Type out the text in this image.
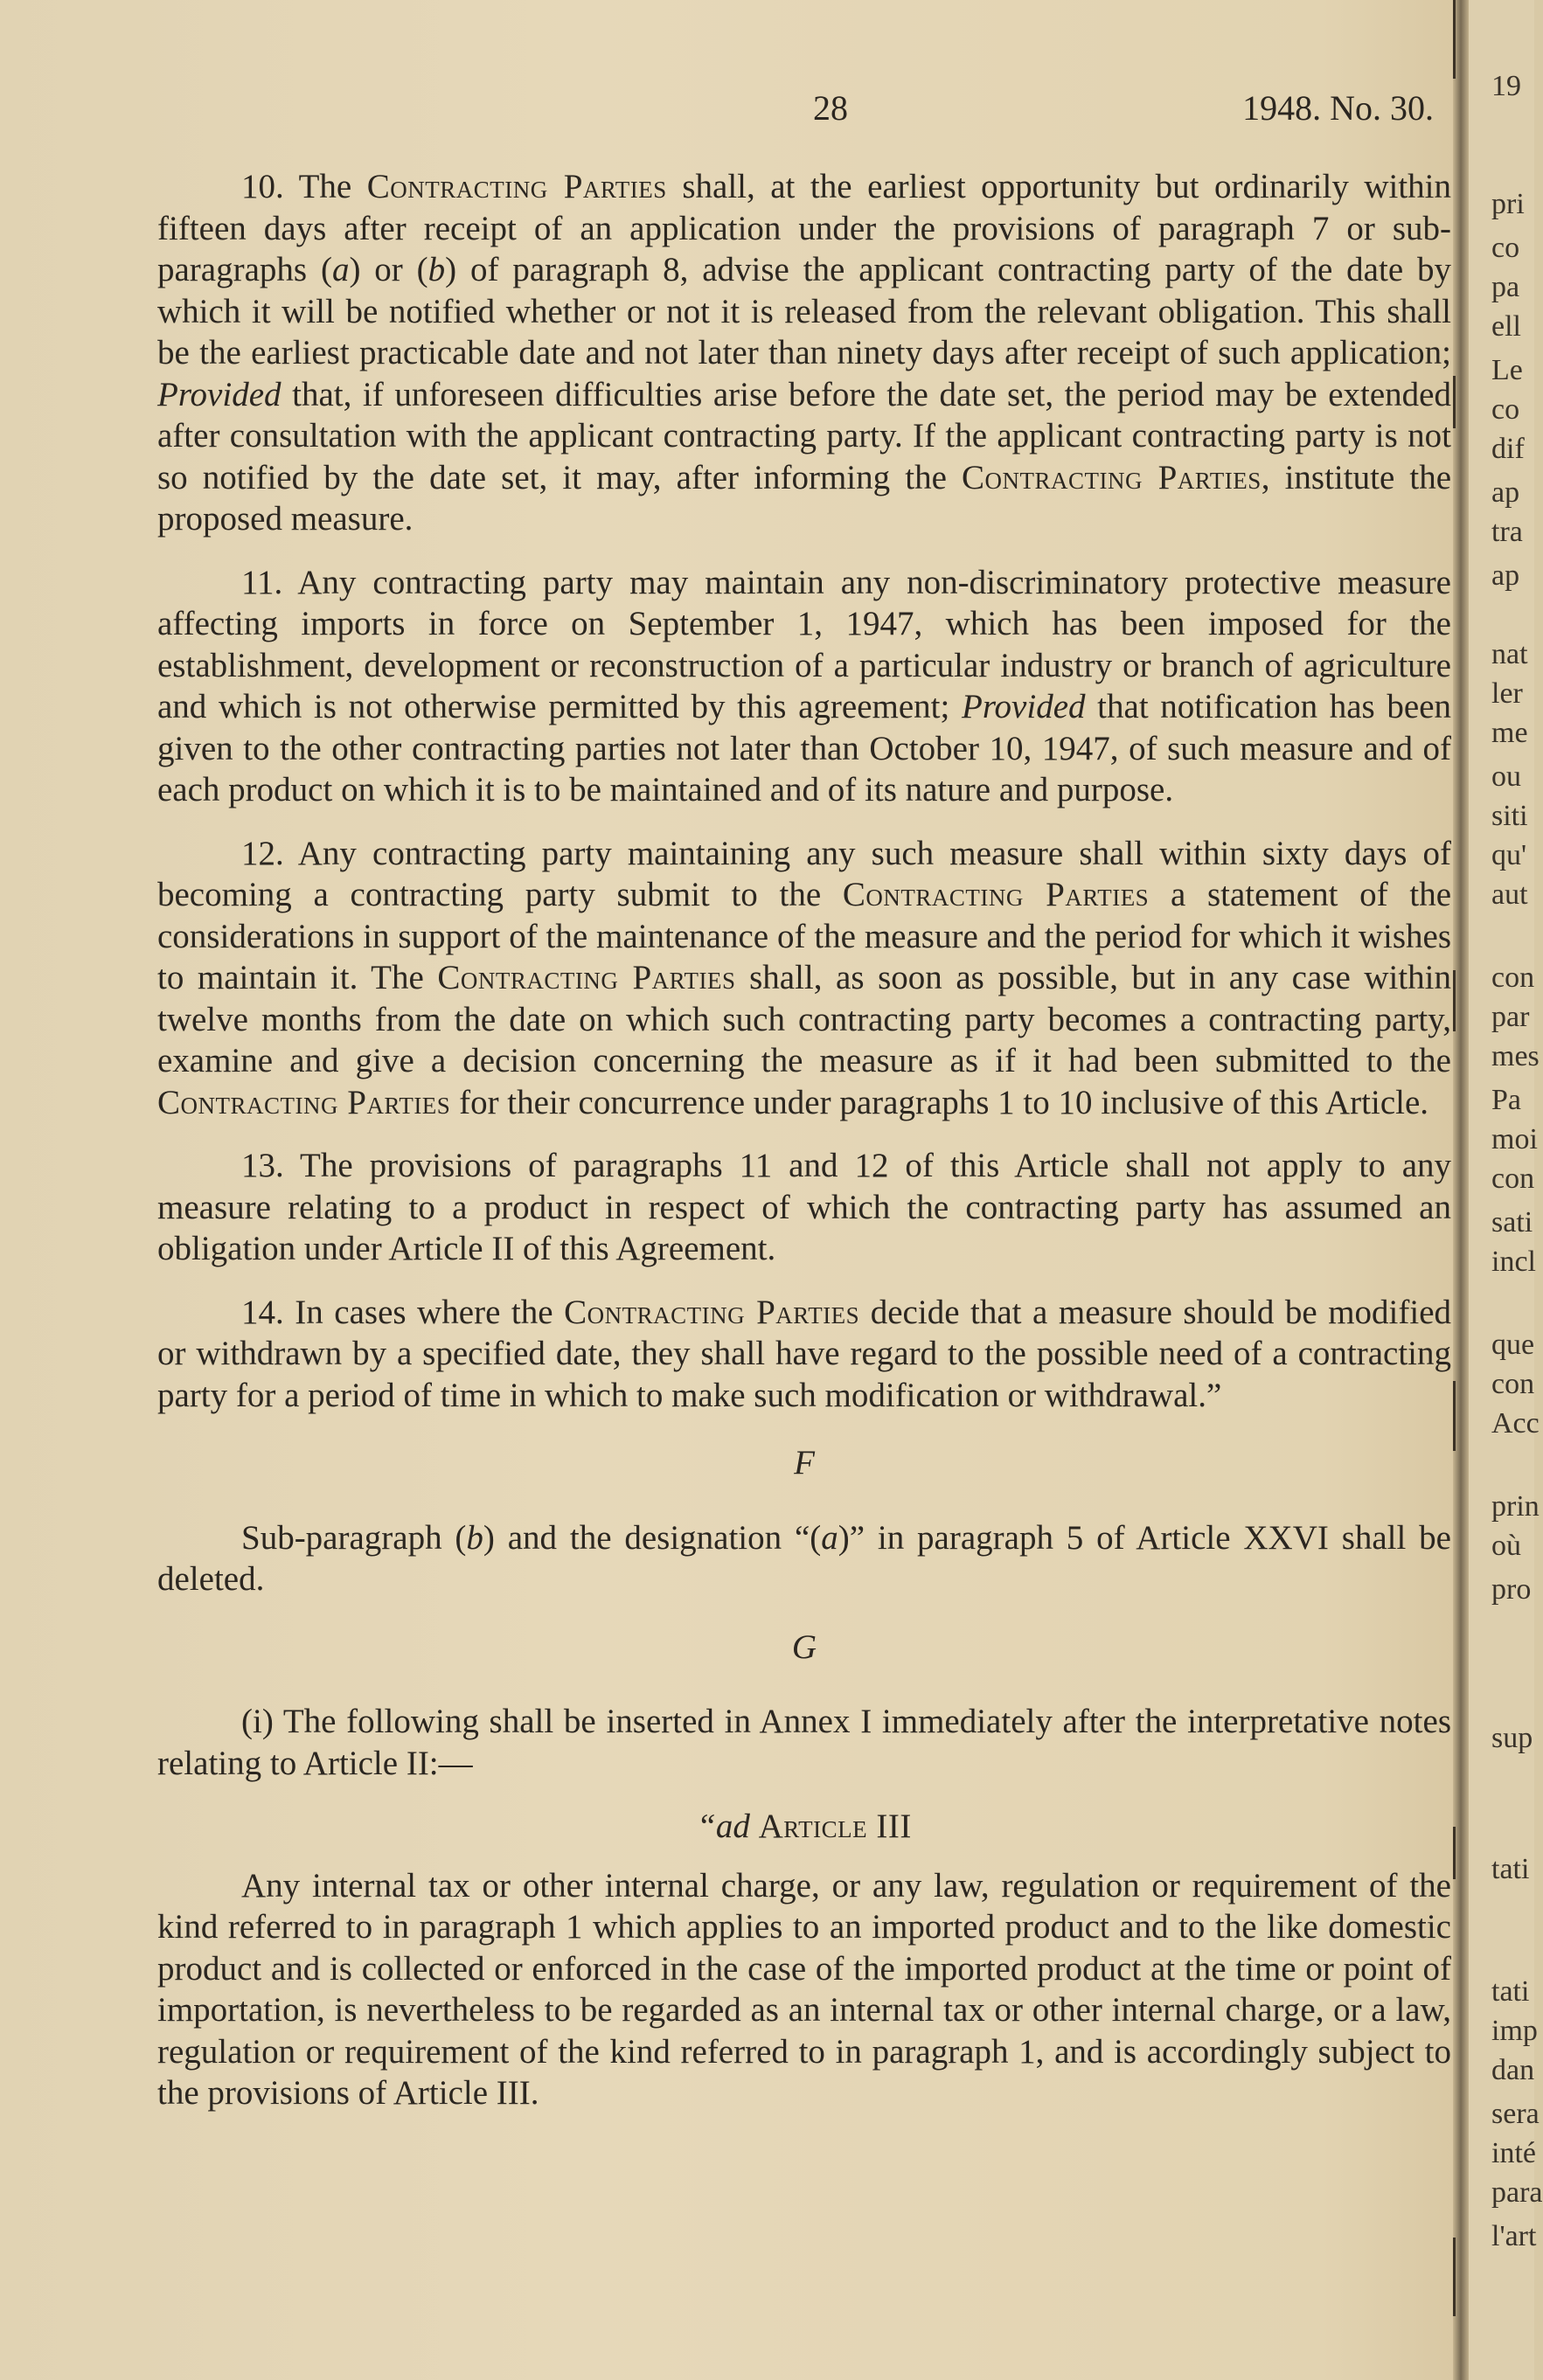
28	1948. No. 30.

10. The Contracting Parties shall, at the earliest opportunity but ordinarily within fifteen days after receipt of an application under the provisions of paragraph 7 or sub-paragraphs (a) or (b) of paragraph 8, advise the applicant contracting party of the date by which it will be notified whether or not it is released from the relevant obligation. This shall be the earliest practicable date and not later than ninety days after receipt of such application; Provided that, if unforeseen difficulties arise before the date set, the period may be extended after consultation with the applicant contracting party. If the applicant contracting party is not so notified by the date set, it may, after informing the Contracting Parties, institute the proposed measure.

11. Any contracting party may maintain any non-discriminatory protective measure affecting imports in force on September 1, 1947, which has been imposed for the establishment, development or reconstruction of a particular industry or branch of agriculture and which is not otherwise permitted by this agreement; Provided that notification has been given to the other contracting parties not later than October 10, 1947, of such measure and of each product on which it is to be maintained and of its nature and purpose.

12. Any contracting party maintaining any such measure shall within sixty days of becoming a contracting party submit to the Contracting Parties a statement of the considerations in support of the maintenance of the measure and the period for which it wishes to maintain it. The Contracting Parties shall, as soon as possible, but in any case within twelve months from the date on which such contracting party becomes a contracting party, examine and give a decision concerning the measure as if it had been submitted to the Contracting Parties for their concurrence under paragraphs 1 to 10 inclusive of this Article.

13. The provisions of paragraphs 11 and 12 of this Article shall not apply to any measure relating to a product in respect of which the contracting party has assumed an obligation under Article II of this Agreement.

14. In cases where the Contracting Parties decide that a measure should be modified or withdrawn by a specified date, they shall have regard to the possible need of a contracting party for a period of time in which to make such modification or withdrawal.”

F

Sub-paragraph (b) and the designation “(a)” in paragraph 5 of Article XXVI shall be deleted.

G

(i) The following shall be inserted in Annex I immediately after the interpretative notes relating to Article II:—

“ad Article III

Any internal tax or other internal charge, or any law, regulation or requirement of the kind referred to in paragraph 1 which applies to an imported product and to the like domestic product and is collected or enforced in the case of the imported product at the time or point of importation, is nevertheless to be regarded as an internal tax or other internal charge, or a law, regulation or requirement of the kind referred to in paragraph 1, and is accordingly subject to the provisions of Article III.

19
pri
co
pa
ell
Le
co
dif
ap
tra
ap
nat
ler
me
ou
siti
qu'
aut
con
par
mes
Pa
moi
con
sati
incl
que
con
Acc
prin
où
pro
sup
tati
tati
imp
dan
sera
inté
para
l'art
